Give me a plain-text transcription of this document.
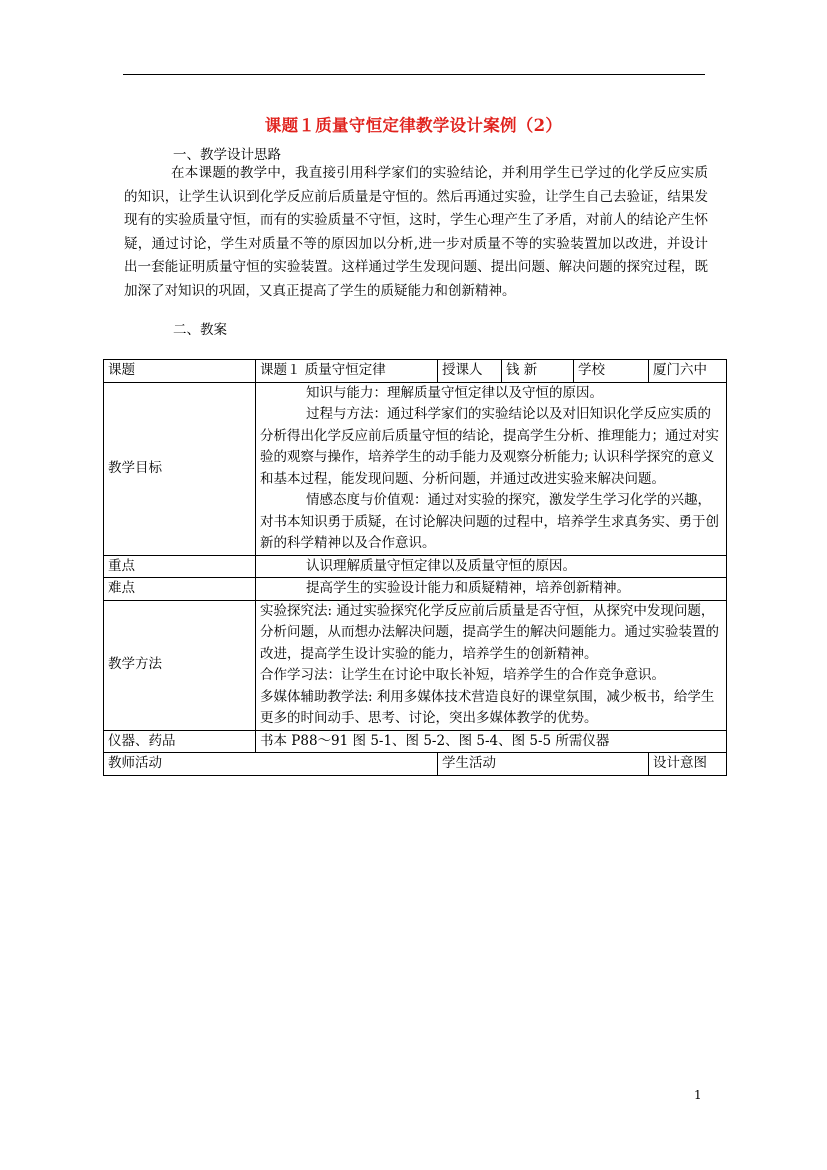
课题１质量守恒定律教学设计案例（2）
一、教学设计思路
在本课题的教学中，我直接引用科学家们的实验结论，并利用学生已学过的化学反应实质的知识，让学生认识到化学反应前后质量是守恒的。然后再通过实验，让学生自己去验证，结果发现有的实验质量守恒，而有的实验质量不守恒，这时，学生心理产生了矛盾，对前人的结论产生怀疑，通过讨论，学生对质量不等的原因加以分析,进一步对质量不等的实验装置加以改进，并设计出一套能证明质量守恒的实验装置。这样通过学生发现问题、提出问题、解决问题的探究过程，既加深了对知识的巩固，又真正提高了学生的质疑能力和创新精神。
二、教案
课题	课题１ 质量守恒定律	授课人	钱 新	学校	厦门六中
教学目标	知识与能力：理解质量守恒定律以及守恒的原因。
过程与方法：通过科学家们的实验结论以及对旧知识化学反应实质的分析得出化学反应前后质量守恒的结论，提高学生分析、推理能力；通过对实验的观察与操作，培养学生的动手能力及观察分析能力; 认识科学探究的意义和基本过程，能发现问题、分析问题，并通过改进实验来解决问题。
情感态度与价值观：通过对实验的探究，激发学生学习化学的兴趣，对书本知识勇于质疑，在讨论解决问题的过程中，培养学生求真务实、勇于创新的科学精神以及合作意识。				

重点	认识理解质量守恒定律以及质量守恒的原因。				
难点	提高学生的实验设计能力和质疑精神，培养创新精神。				
教学方法	实验探究法: 通过实验探究化学反应前后质量是否守恒，从探究中发现问题，分析问题，从而想办法解决问题，提高学生的解决问题能力。通过实验装置的改进，提高学生设计实验的能力，培养学生的创新精神。
合作学习法：让学生在讨论中取长补短，培养学生的合作竞争意识。
多媒体辅助教学法: 利用多媒体技术营造良好的课堂氛围，减少板书，给学生更多的时间动手、思考、讨论，突出多媒体教学的优势。				

仪器、药品	书本 P88～91 图 5-1、图 5-2、图 5-4、图 5-5 所需仪器				
教师活动		学生活动			设计意图
1
